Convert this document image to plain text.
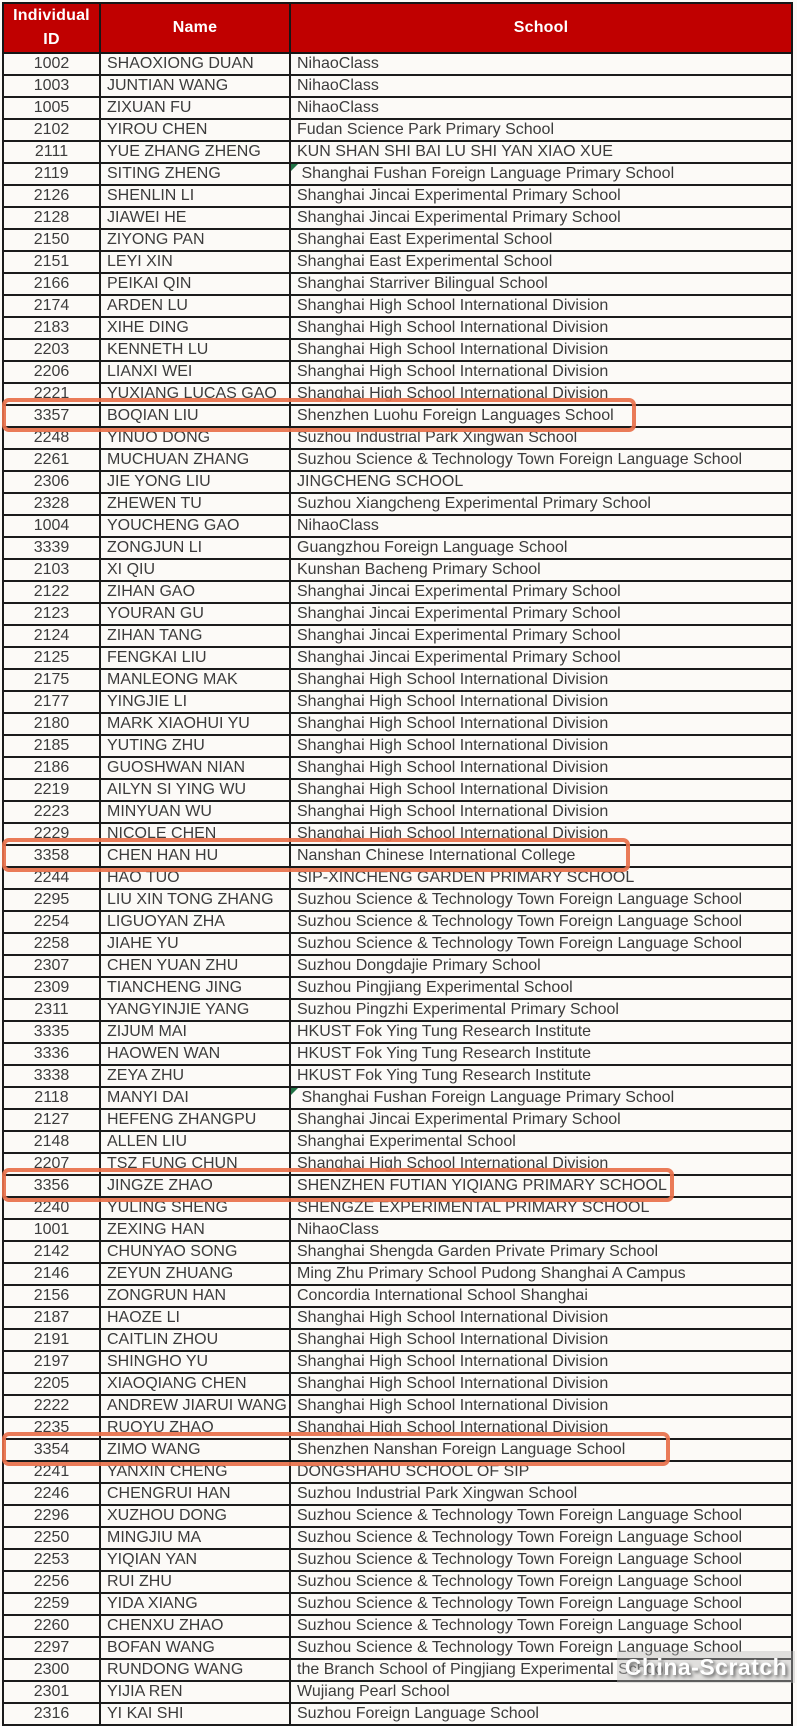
Individual ID	Name	School
1002	SHAOXIONG DUAN	NihaoClass
1003	JUNTIAN WANG	NihaoClass
1005	ZIXUAN FU	NihaoClass
2102	YIROU CHEN	Fudan Science Park Primary School
2111	YUE ZHANG ZHENG	KUN SHAN SHI BAI LU SHI YAN XIAO XUE
2119	SITING ZHENG	Shanghai Fushan Foreign Language Primary School

2126	SHENLIN LI	Shanghai Jincai Experimental Primary School
2128	JIAWEI HE	Shanghai Jincai Experimental Primary School
2150	ZIYONG PAN	Shanghai East Experimental School
2151	LEYI XIN	Shanghai East Experimental School
2166	PEIKAI QIN	Shanghai Starriver Bilingual School
2174	ARDEN LU	Shanghai High School International Division
2183	XIHE DING	Shanghai High School International Division
2203	KENNETH LU	Shanghai High School International Division
2206	LIANXI WEI	Shanghai High School International Division
2221	YUXIANG LUCAS GAO	Shanghai High School International Division
3357	BOQIAN LIU	Shenzhen Luohu Foreign Languages School
2248	YINUO DONG	Suzhou Industrial Park Xingwan School
2261	MUCHUAN ZHANG	Suzhou Science & Technology Town Foreign Language School
2306	JIE YONG LIU	JINGCHENG SCHOOL
2328	ZHEWEN TU	Suzhou Xiangcheng Experimental Primary School
1004	YOUCHENG GAO	NihaoClass
3339	ZONGJUN LI	Guangzhou Foreign Language School
2103	XI QIU	Kunshan Bacheng Primary School
2122	ZIHAN GAO	Shanghai Jincai Experimental Primary School
2123	YOURAN GU	Shanghai Jincai Experimental Primary School
2124	ZIHAN TANG	Shanghai Jincai Experimental Primary School
2125	FENGKAI LIU	Shanghai Jincai Experimental Primary School
2175	MANLEONG MAK	Shanghai High School International Division
2177	YINGJIE LI	Shanghai High School International Division
2180	MARK XIAOHUI YU	Shanghai High School International Division
2185	YUTING ZHU	Shanghai High School International Division
2186	GUOSHWAN NIAN	Shanghai High School International Division
2219	AILYN SI YING WU	Shanghai High School International Division
2223	MINYUAN WU	Shanghai High School International Division
2229	NICOLE CHEN	Shanghai High School International Division
3358	CHEN HAN HU	Nanshan Chinese International College
2244	HAO TUO	SIP-XINCHENG GARDEN PRIMARY SCHOOL
2295	LIU XIN TONG ZHANG	Suzhou Science & Technology Town Foreign Language School
2254	LIGUOYAN ZHA	Suzhou Science & Technology Town Foreign Language School
2258	JIAHE YU	Suzhou Science & Technology Town Foreign Language School
2307	CHEN YUAN ZHU	Suzhou Dongdajie Primary School
2309	TIANCHENG JING	Suzhou Pingjiang Experimental School
2311	YANGYINJIE YANG	Suzhou Pingzhi Experimental Primary School
3335	ZIJUM MAI	HKUST Fok Ying Tung Research Institute
3336	HAOWEN WAN	HKUST Fok Ying Tung Research Institute
3338	ZEYA ZHU	HKUST Fok Ying Tung Research Institute
2118	MANYI DAI	Shanghai Fushan Foreign Language Primary School

2127	HEFENG ZHANGPU	Shanghai Jincai Experimental Primary School
2148	ALLEN LIU	Shanghai Experimental School
2207	TSZ FUNG CHUN	Shanghai High School International Division
3356	JINGZE ZHAO	SHENZHEN FUTIAN YIQIANG PRIMARY SCHOOL
2240	YULING SHENG	SHENGZE EXPERIMENTAL PRIMARY SCHOOL
1001	ZEXING HAN	NihaoClass
2142	CHUNYAO SONG	Shanghai Shengda Garden Private Primary School
2146	ZEYUN ZHUANG	Ming Zhu Primary School Pudong Shanghai A Campus
2156	ZONGRUN HAN	Concordia International School Shanghai
2187	HAOZE LI	Shanghai High School International Division
2191	CAITLIN ZHOU	Shanghai High School International Division
2197	SHINGHO YU	Shanghai High School International Division
2205	XIAOQIANG CHEN	Shanghai High School International Division
2222	ANDREW JIARUI WANG	Shanghai High School International Division
2235	RUOYU ZHAO	Shanghai High School International Division
3354	ZIMO WANG	Shenzhen Nanshan Foreign Language School
2241	YANXIN CHENG	DONGSHAHU SCHOOL OF SIP
2246	CHENGRUI HAN	Suzhou Industrial Park Xingwan School
2296	XUZHOU DONG	Suzhou Science & Technology Town Foreign Language School
2250	MINGJIU MA	Suzhou Science & Technology Town Foreign Language School
2253	YIQIAN YAN	Suzhou Science & Technology Town Foreign Language School
2256	RUI ZHU	Suzhou Science & Technology Town Foreign Language School
2259	YIDA XIANG	Suzhou Science & Technology Town Foreign Language School
2260	CHENXU ZHAO	Suzhou Science & Technology Town Foreign Language School
2297	BOFAN WANG	Suzhou Science & Technology Town Foreign Language School
2300	RUNDONG WANG	the Branch School of Pingjiang Experimental School
2301	YIJIA REN	Wujiang Pearl School
2316	YI KAI SHI	Suzhou Foreign Language School
China-Scratch
